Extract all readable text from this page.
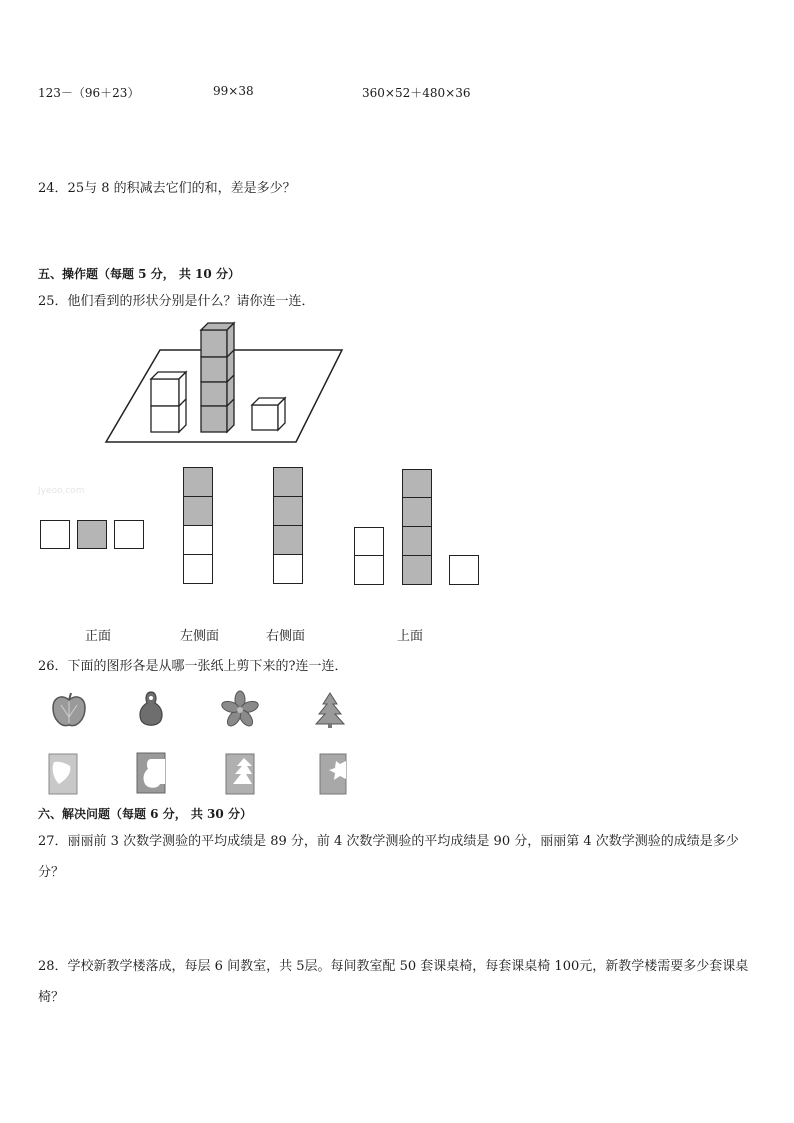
123－（96＋23）	99×38	360×52＋480×36
24．25与 8 的积减去它们的和，差是多少？
五、操作题（每题 5 分， 共 10 分）
25．他们看到的形状分别是什么？请你连一连．
Jyeoo.com
正面	左侧面	右侧面	上面
26．下面的图形各是从哪一张纸上剪下来的?连一连．
六、解决问题（每题 6 分， 共 30 分）
27．丽丽前 3 次数学测验的平均成绩是 89 分，前 4 次数学测验的平均成绩是 90 分，丽丽第 4 次数学测验的成绩是多少分？
28．学校新教学楼落成，每层 6 间教室，共 5层。每间教室配 50 套课桌椅，每套课桌椅 100元，新教学楼需要多少套课桌椅？
